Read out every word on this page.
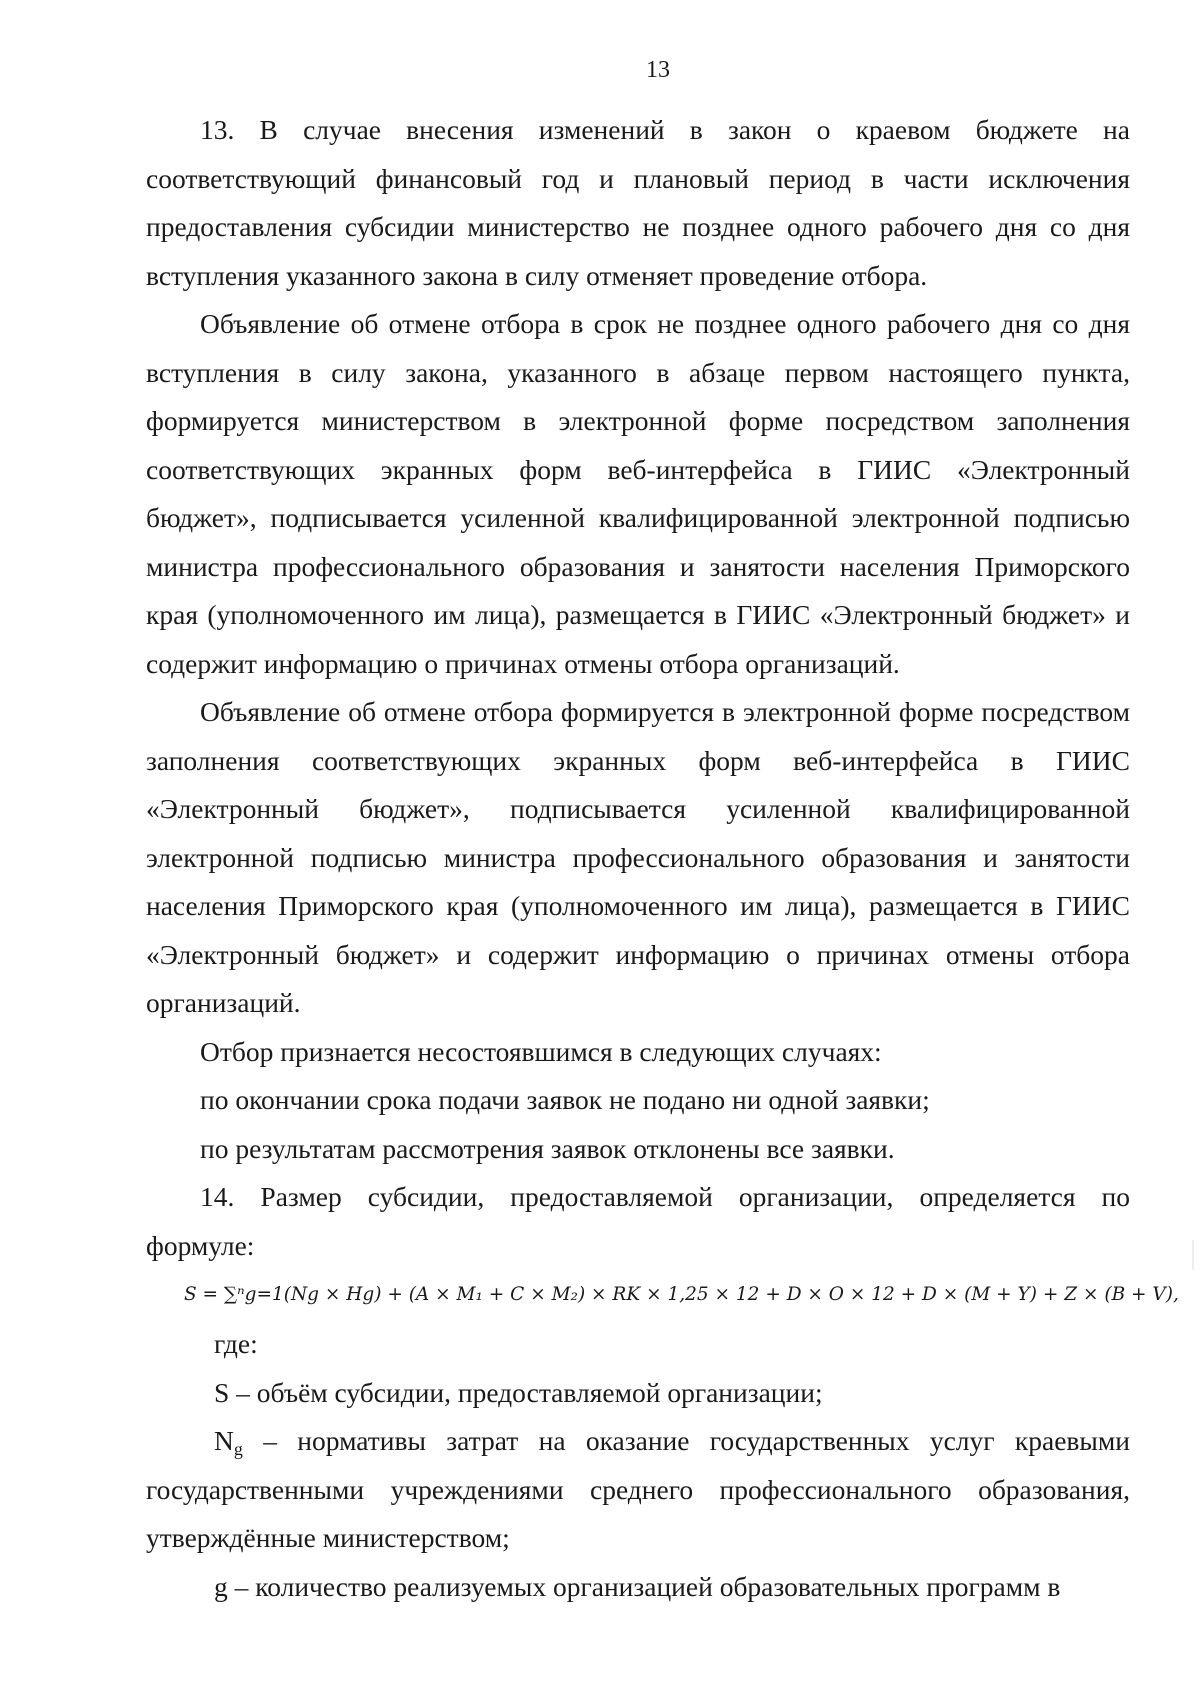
13

13. В случае внесения изменений в закон о краевом бюджете на соответствующий финансовый год и плановый период в части исключения предоставления субсидии министерство не позднее одного рабочего дня со дня вступления указанного закона в силу отменяет проведение отбора.

Объявление об отмене отбора в срок не позднее одного рабочего дня со дня вступления в силу закона, указанного в абзаце первом настоящего пункта, формируется министерством в электронной форме посредством заполнения соответствующих экранных форм веб-интерфейса в ГИИС «Электронный бюджет», подписывается усиленной квалифицированной электронной подписью министра профессионального образования и занятости населения Приморского края (уполномоченного им лица), размещается в ГИИС «Электронный бюджет» и содержит информацию о причинах отмены отбора организаций.

Объявление об отмене отбора формируется в электронной форме посредством заполнения соответствующих экранных форм веб-интерфейса в ГИИС «Электронный бюджет», подписывается усиленной квалифицированной электронной подписью министра профессионального образования и занятости населения Приморского края (уполномоченного им лица), размещается в ГИИС «Электронный бюджет» и содержит информацию о причинах отмены отбора организаций.

Отбор признается несостоявшимся в следующих случаях:

по окончании срока подачи заявок не подано ни одной заявки;

по результатам рассмотрения заявок отклонены все заявки.

14. Размер субсидии, предоставляемой организации, определяется по формуле:

S = ∑ⁿg=1(Ng × Hg) + (A × M₁ + C × M₂) × RK × 1,25 × 12 + D × O × 12 + D × (M + Y) + Z × (B + V),

где:

S – объём субсидии, предоставляемой организации;

$N_g$ – нормативы затрат на оказание государственных услуг краевыми государственными учреждениями среднего профессионального образования, утверждённые министерством;

g – количество реализуемых организацией образовательных программ в
